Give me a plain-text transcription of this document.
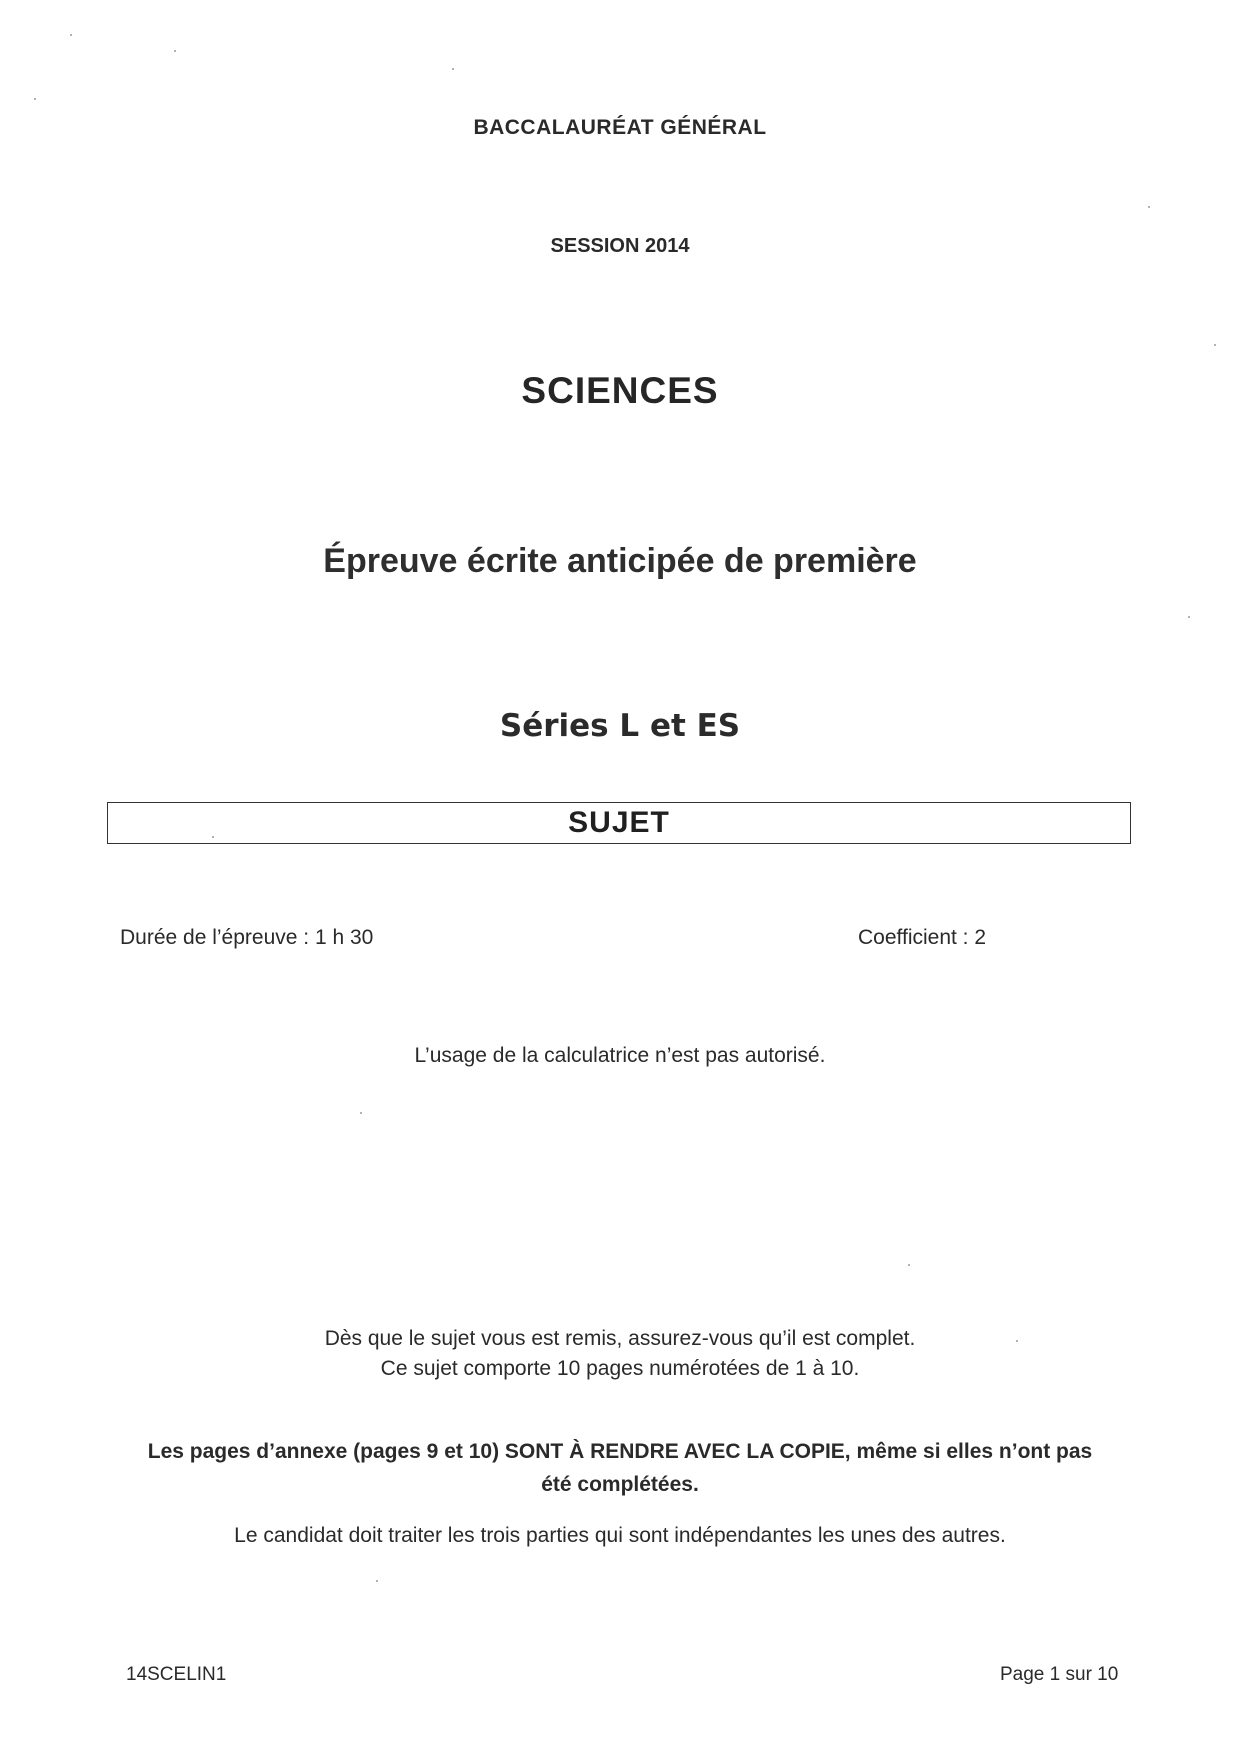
BACCALAURÉAT GÉNÉRAL
SESSION 2014
SCIENCES
Épreuve écrite anticipée de première
Séries L et ES
SUJET
Durée de l’épreuve : 1 h 30	Coefficient : 2
L’usage de la calculatrice n’est pas autorisé.
Dès que le sujet vous est remis, assurez-vous qu’il est complet.
Ce sujet comporte 10 pages numérotées de 1 à 10.
Les pages d’annexe (pages 9 et 10) SONT À RENDRE AVEC LA COPIE, même si elles n’ont pas été complétées.
Le candidat doit traiter les trois parties qui sont indépendantes les unes des autres.
14SCELIN1	Page 1 sur 10
